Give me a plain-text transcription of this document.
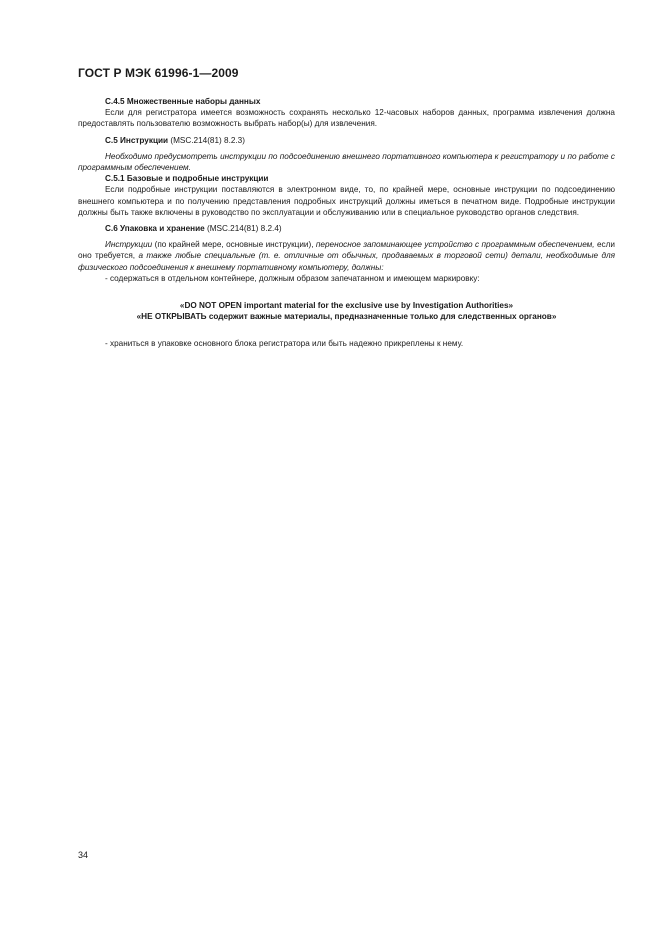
ГОСТ Р МЭК 61996-1—2009

С.4.5 Множественные наборы данных

Если для регистратора имеется возможность сохранять несколько 12-часовых наборов данных, программа извлечения должна предоставлять пользователю возможность выбрать набор(ы) для извлечения.

С.5 Инструкции (MSC.214(81) 8.2.3)

Необходимо предусмотреть инструкции по подсоединению внешнего портативного компьютера к регистратору и по работе с программным обеспечением.

С.5.1 Базовые и подробные инструкции

Если подробные инструкции поставляются в электронном виде, то, по крайней мере, основные инструкции по подсоединению внешнего компьютера и по получению представления подробных инструкций должны иметься в печатном виде. Подробные инструкции должны быть также включены в руководство по эксплуатации и обслуживанию или в специальное руководство органов следствия.

С.6 Упаковка и хранение (MSC.214(81) 8.2.4)

Инструкции (по крайней мере, основные инструкции), переносное запоминающее устройство с программным обеспечением, если оно требуется, а также любые специальные (т. е. отличные от обычных, продаваемых в торговой сети) детали, необходимые для физического подсоединения к внешнему портативному компьютеру, должны:

- содержаться в отдельном контейнере, должным образом запечатанном и имеющем маркировку:

«DO NOT OPEN important material for the exclusive use by Investigation Authorities»

«НЕ ОТКРЫВАТЬ содержит важные материалы, предназначенные только для следственных органов»

- храниться в упаковке основного блока регистратора или быть надежно прикреплены к нему.

34
